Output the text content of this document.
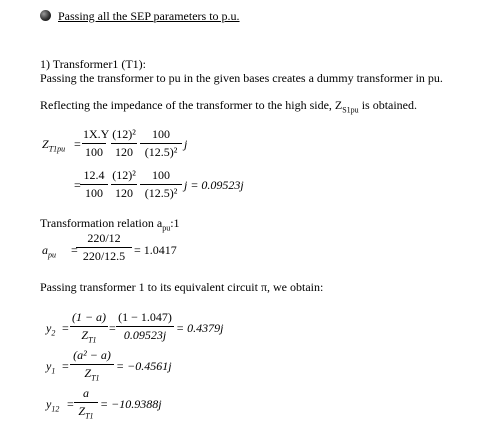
Passing all the SEP parameters to p.u.
1) Transformer1 (T1):
Passing the transformer to pu in the given bases creates a dummy transformer in pu.
Reflecting the impedance of the transformer to the high side, $Z_{S1pu}$ is obtained.
$Z_{T1pu}$ =
1X.Y
100
(12)²
120
100
(12.5)²
j
=
12.4
100
(12)²
120
100
(12.5)²
j = 0.09523j
Transformation relation $a_{pu}:1$
$a_{pu}$ =
220/12
220/12.5 = 1.0417
Passing transformer 1 to its equivalent circuit π, we obtain:
$y_2$ =
(1 − a)
$Z_{T1}$
=
(1 − 1.047)
0.09523j = 0.4379j
$y_1$ =
(a² − a)
$Z_{T1}$
= −0.4561j
$y_{12}$ =
a
$Z_{T1}$
= −10.9388j
